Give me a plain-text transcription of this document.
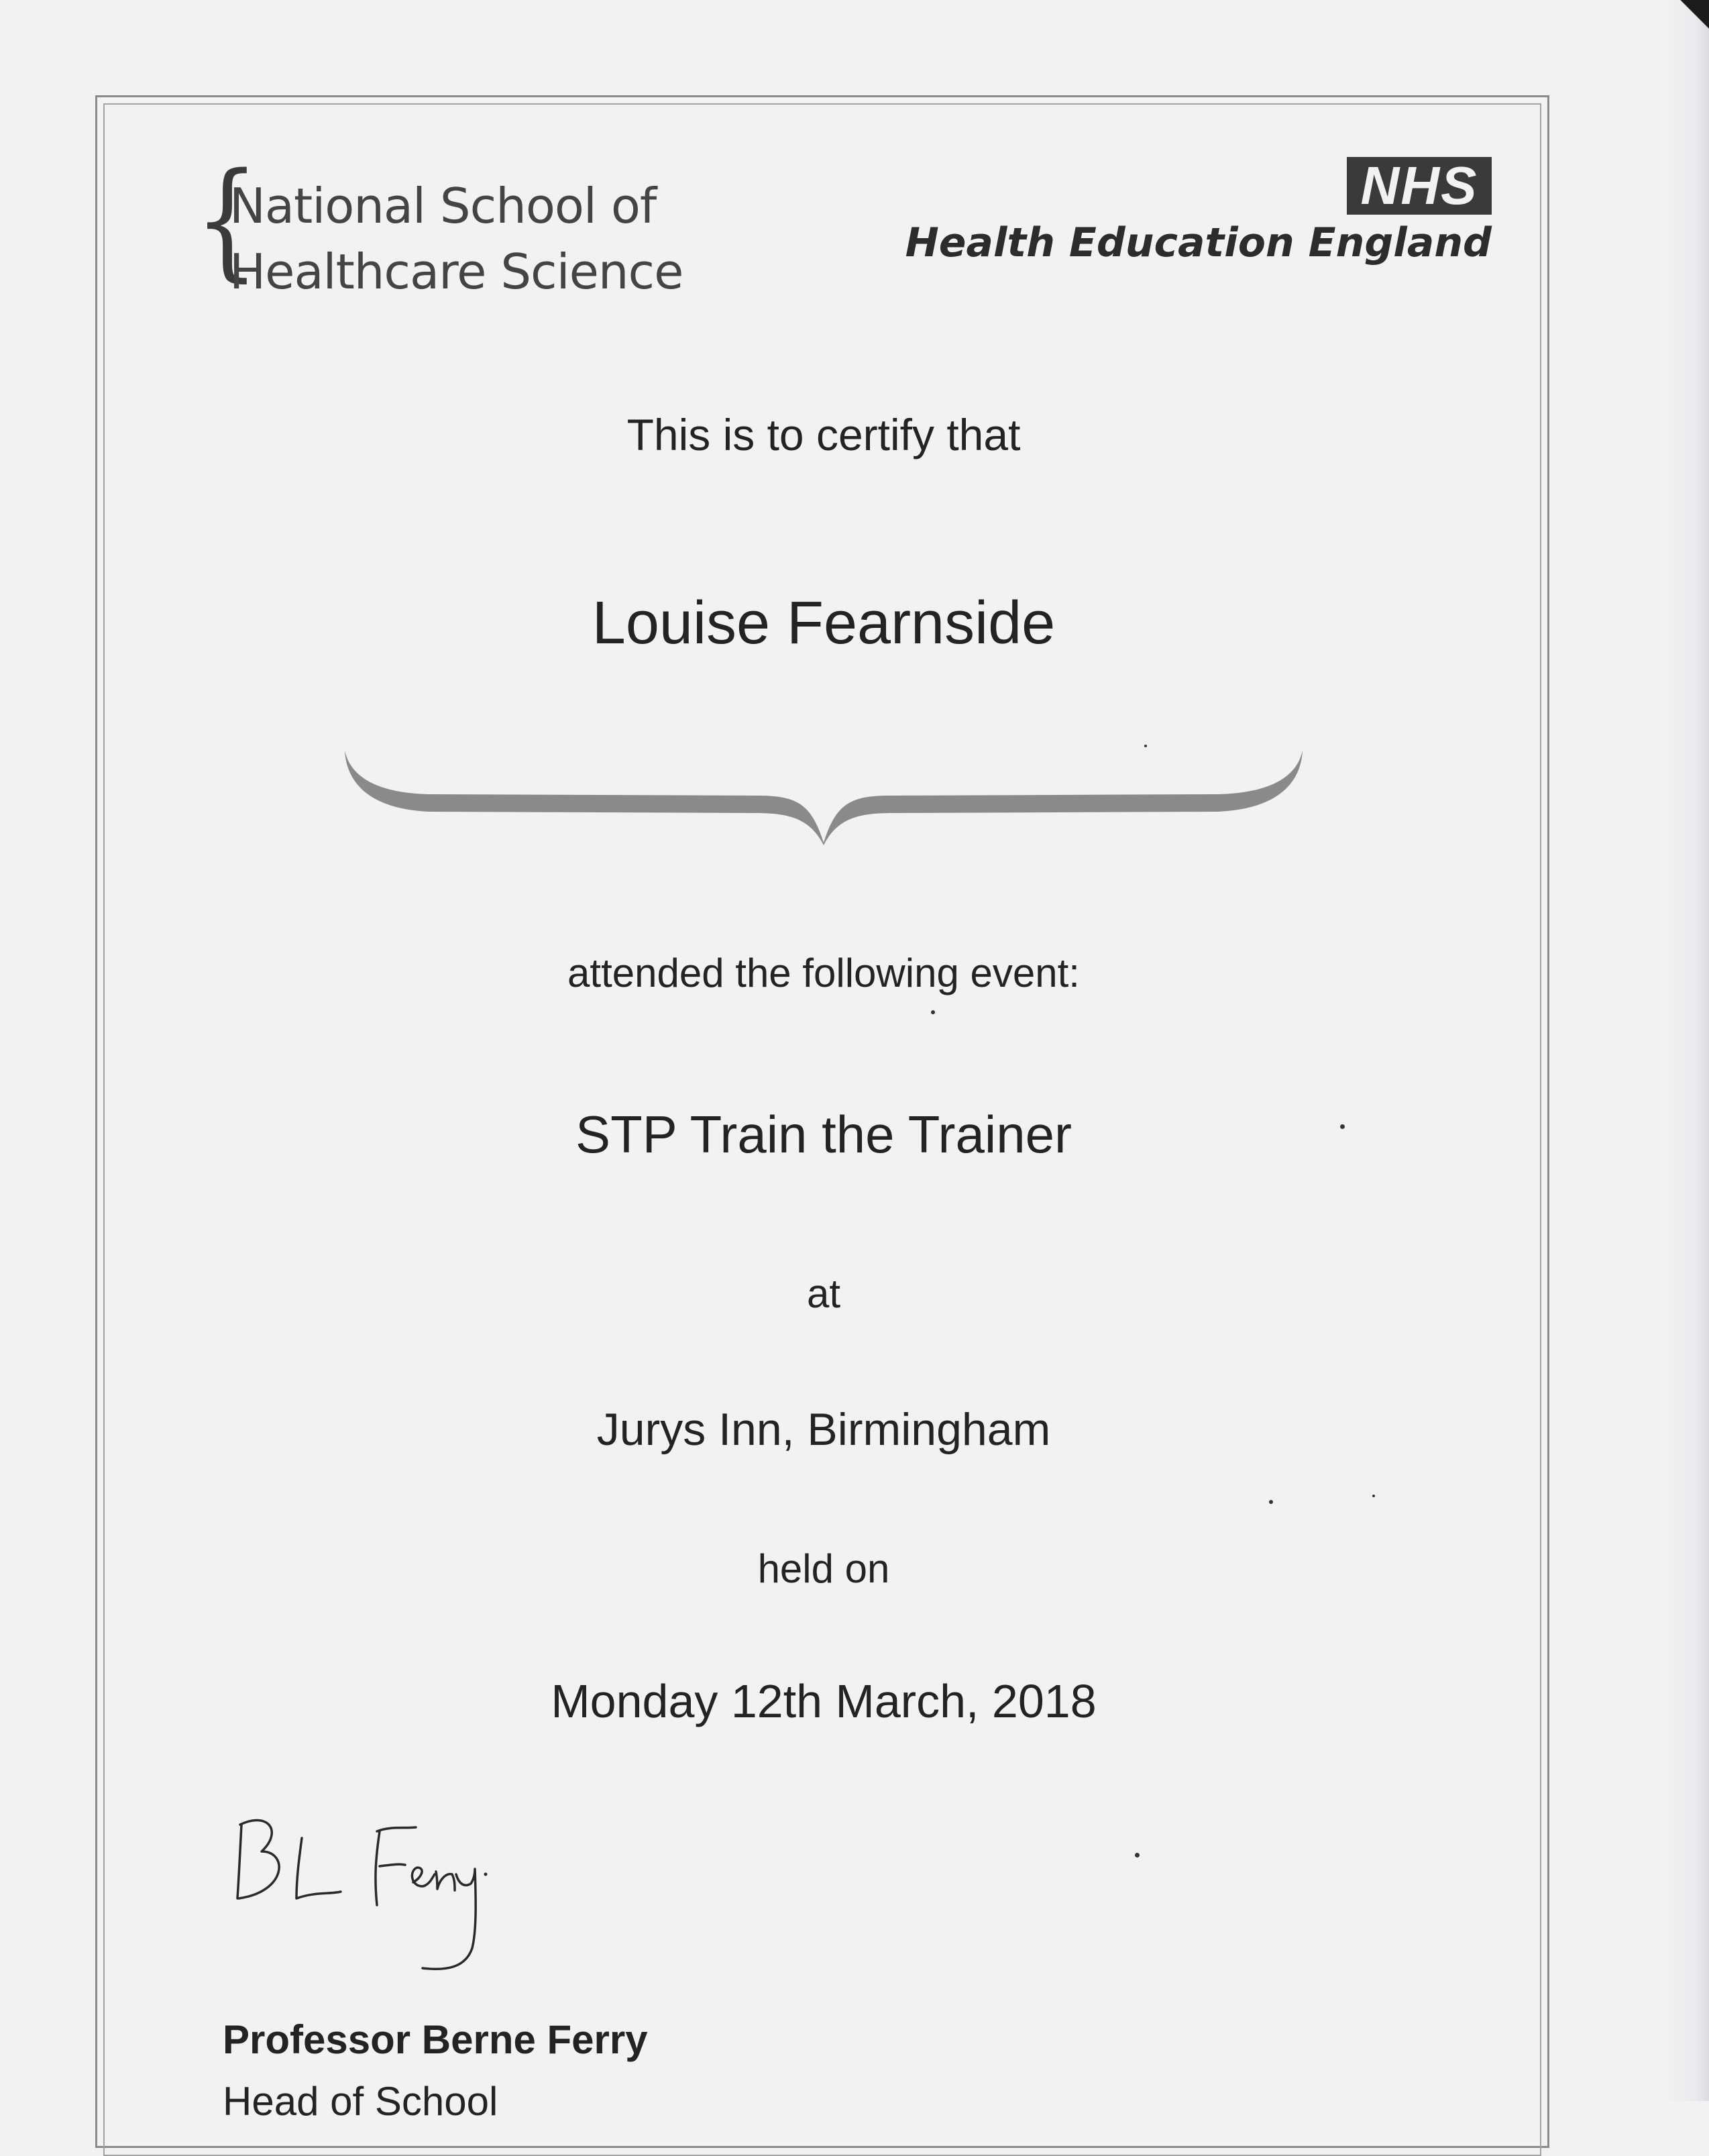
{
National School of
Healthcare Science
NHS
Health Education England
This is to certify that
Louise Fearnside
attended the following event:
STP Train the Trainer
at
Jurys Inn, Birmingham
held on
Monday 12th March, 2018
Professor Berne Ferry
Head of School
